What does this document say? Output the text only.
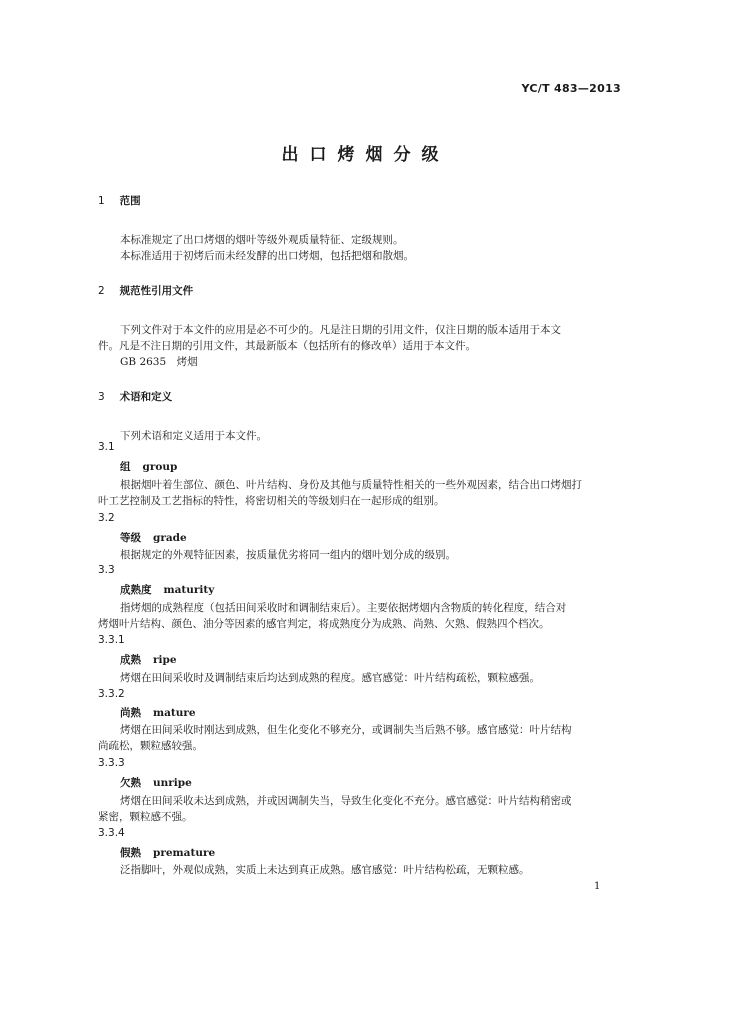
YC/T 483—2013
出口烤烟分级
1 范围
本标准规定了出口烤烟的烟叶等级外观质量特征、定级规则。
本标准适用于初烤后而未经发酵的出口烤烟，包括把烟和散烟。
2 规范性引用文件
下列文件对于本文件的应用是必不可少的。凡是注日期的引用文件，仅注日期的版本适用于本文
件。凡是不注日期的引用文件，其最新版本（包括所有的修改单）适用于本文件。
GB 2635　烤烟
3 术语和定义
下列术语和定义适用于本文件。
3.1
组 group
根据烟叶着生部位、颜色、叶片结构、身份及其他与质量特性相关的一些外观因素，结合出口烤烟打
叶工艺控制及工艺指标的特性，将密切相关的等级划归在一起形成的组别。
3.2
等级 grade
根据规定的外观特征因素，按质量优劣将同一组内的烟叶划分成的级别。
3.3
成熟度 maturity
指烤烟的成熟程度（包括田间采收时和调制结束后）。主要依据烤烟内含物质的转化程度，结合对
烤烟叶片结构、颜色、油分等因素的感官判定，将成熟度分为成熟、尚熟、欠熟、假熟四个档次。
3.3.1
成熟 ripe
烤烟在田间采收时及调制结束后均达到成熟的程度。感官感觉：叶片结构疏松，颗粒感强。
3.3.2
尚熟 mature
烤烟在田间采收时刚达到成熟，但生化变化不够充分，或调制失当后熟不够。感官感觉：叶片结构
尚疏松，颗粒感较强。
3.3.3
欠熟 unripe
烤烟在田间采收未达到成熟，并或因调制失当，导致生化变化不充分。感官感觉：叶片结构稍密或
紧密，颗粒感不强。
3.3.4
假熟 premature
泛指脚叶，外观似成熟，实质上未达到真正成熟。感官感觉：叶片结构松疏，无颗粒感。
1
